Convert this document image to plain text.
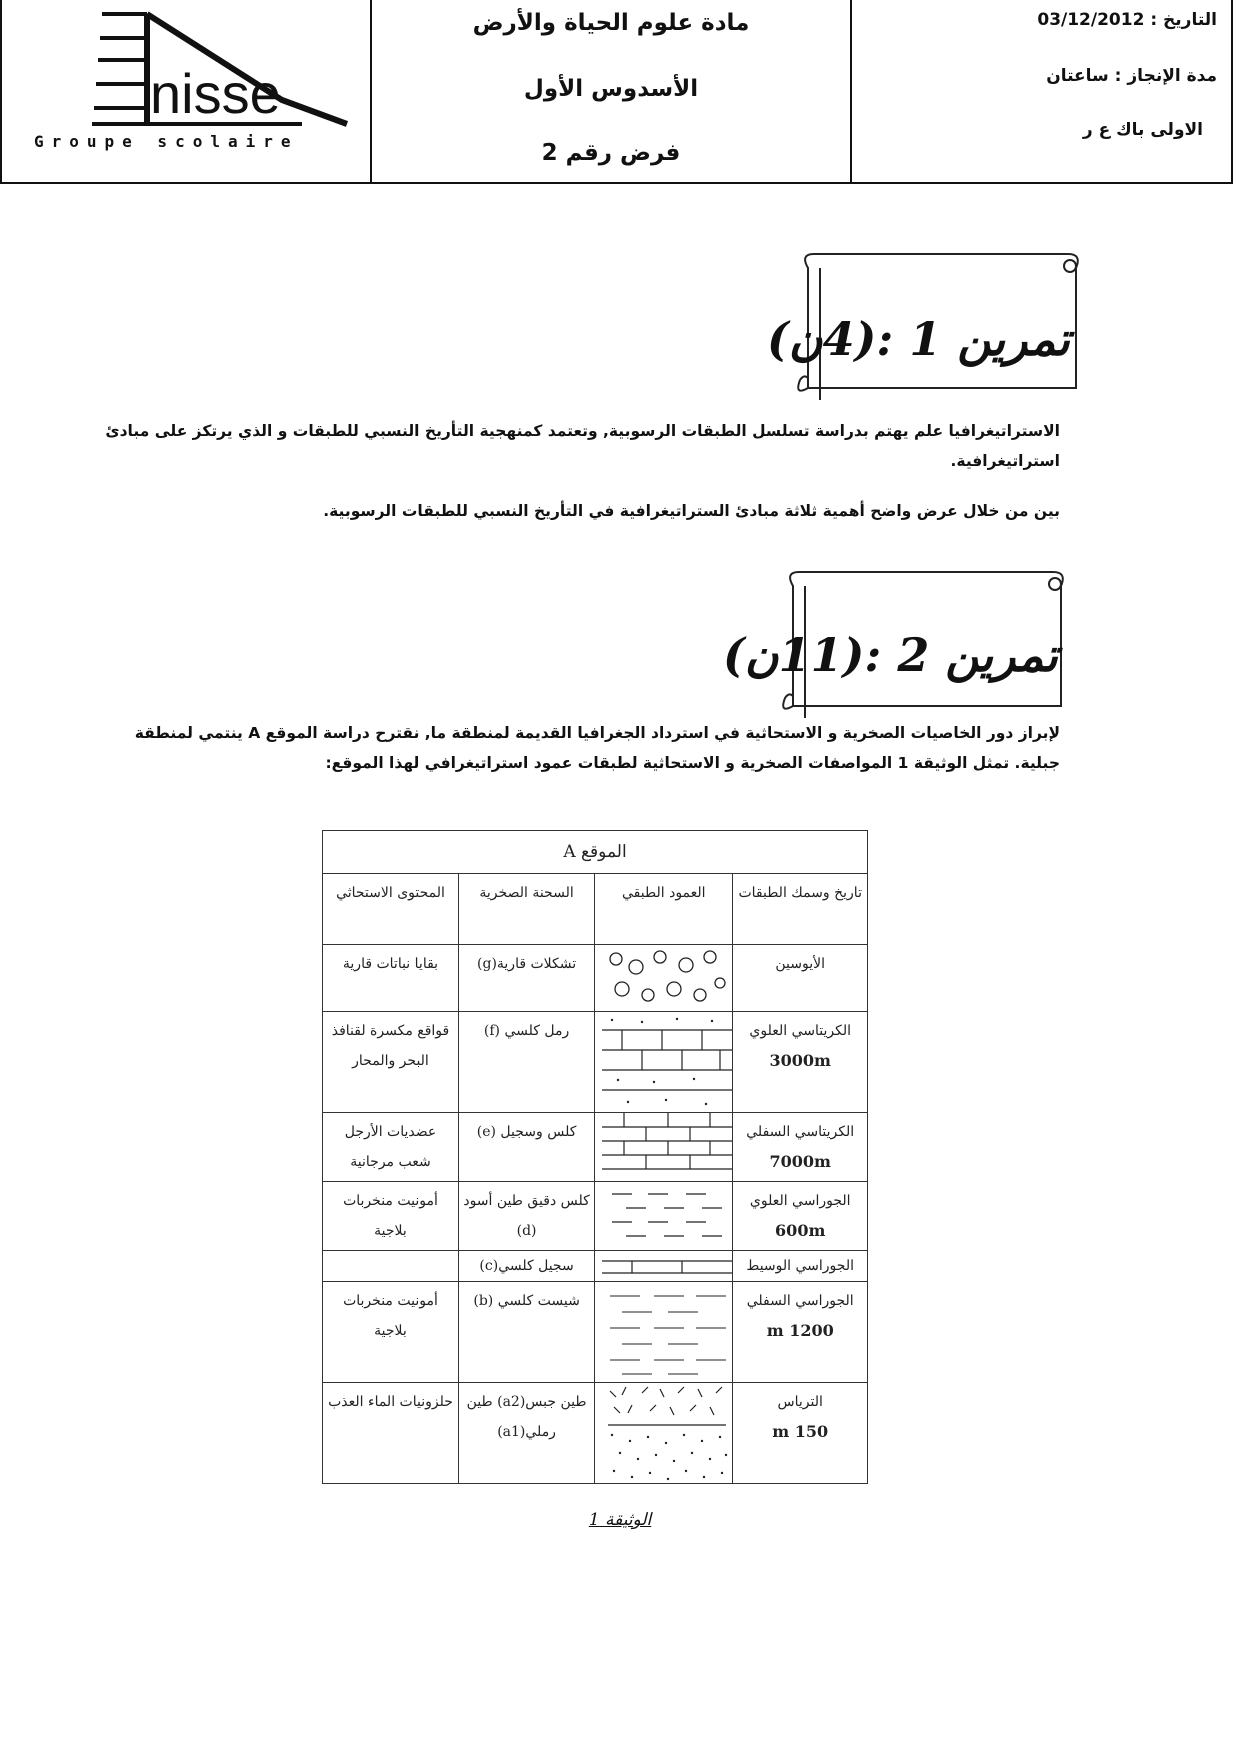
nisse
Groupe scolaire
مادة علوم الحياة والأرض
الأسدوس الأول
فرض رقم 2
التاريخ : 03/12/2012
مدة الإنجاز : ساعتان
الاولى باك ع ر
تمرين 1 :(4ن)
الاستراتيغرافيا علم يهتم بدراسة تسلسل الطبقات الرسوبية, وتعتمد كمنهجية التأريخ النسبي للطبقات و الذي يرتكز على مبادئ
استراتيغرافية.
بين من خلال عرض واضح أهمية ثلاثة مبادئ الستراتيغرافية في التأريخ النسبي للطبقات الرسوبية.
تمرين 2 :(11ن)
لإبراز دور الخاصيات الصخرية و الاستحاثية في استرداد الجغرافيا القديمة لمنطقة ما, نقترح دراسة الموقع A ينتمي لمنطقة
جبلية. تمثل الوثيقة 1 المواصفات الصخرية و الاستحاثية لطبقات عمود استراتيغرافي لهذا الموقع:
الموقع A			
تاريخ وسمك الطبقات	العمود الطبقي	السحنة الصخرية	المحتوى الاستحاثي
الأيوسين		تشكلات قارية(g)	بقايا نباتات قارية
الكريتاسي العلوي
3000m		رمل كلسي (f)	قواقع مكسرة لقنافذ البحر والمحار
الكريتاسي السفلي
7000m		كلس وسجيل (e)	عضديات الأرجل شعب مرجانية
الجوراسي العلوي
600m		كلس دقيق طين أسود (d)	أمونيت منخربات بلاجية
الجوراسي الوسيط		سجيل كلسي(c)	
الجوراسي السفلي
1200 m		شيست كلسي (b)	أمونيت منخربات بلاجية
الترياس
150 m		طين جبس(a2) طين رملي(a1)	حلزونيات الماء العذب
الوثيقة 1
